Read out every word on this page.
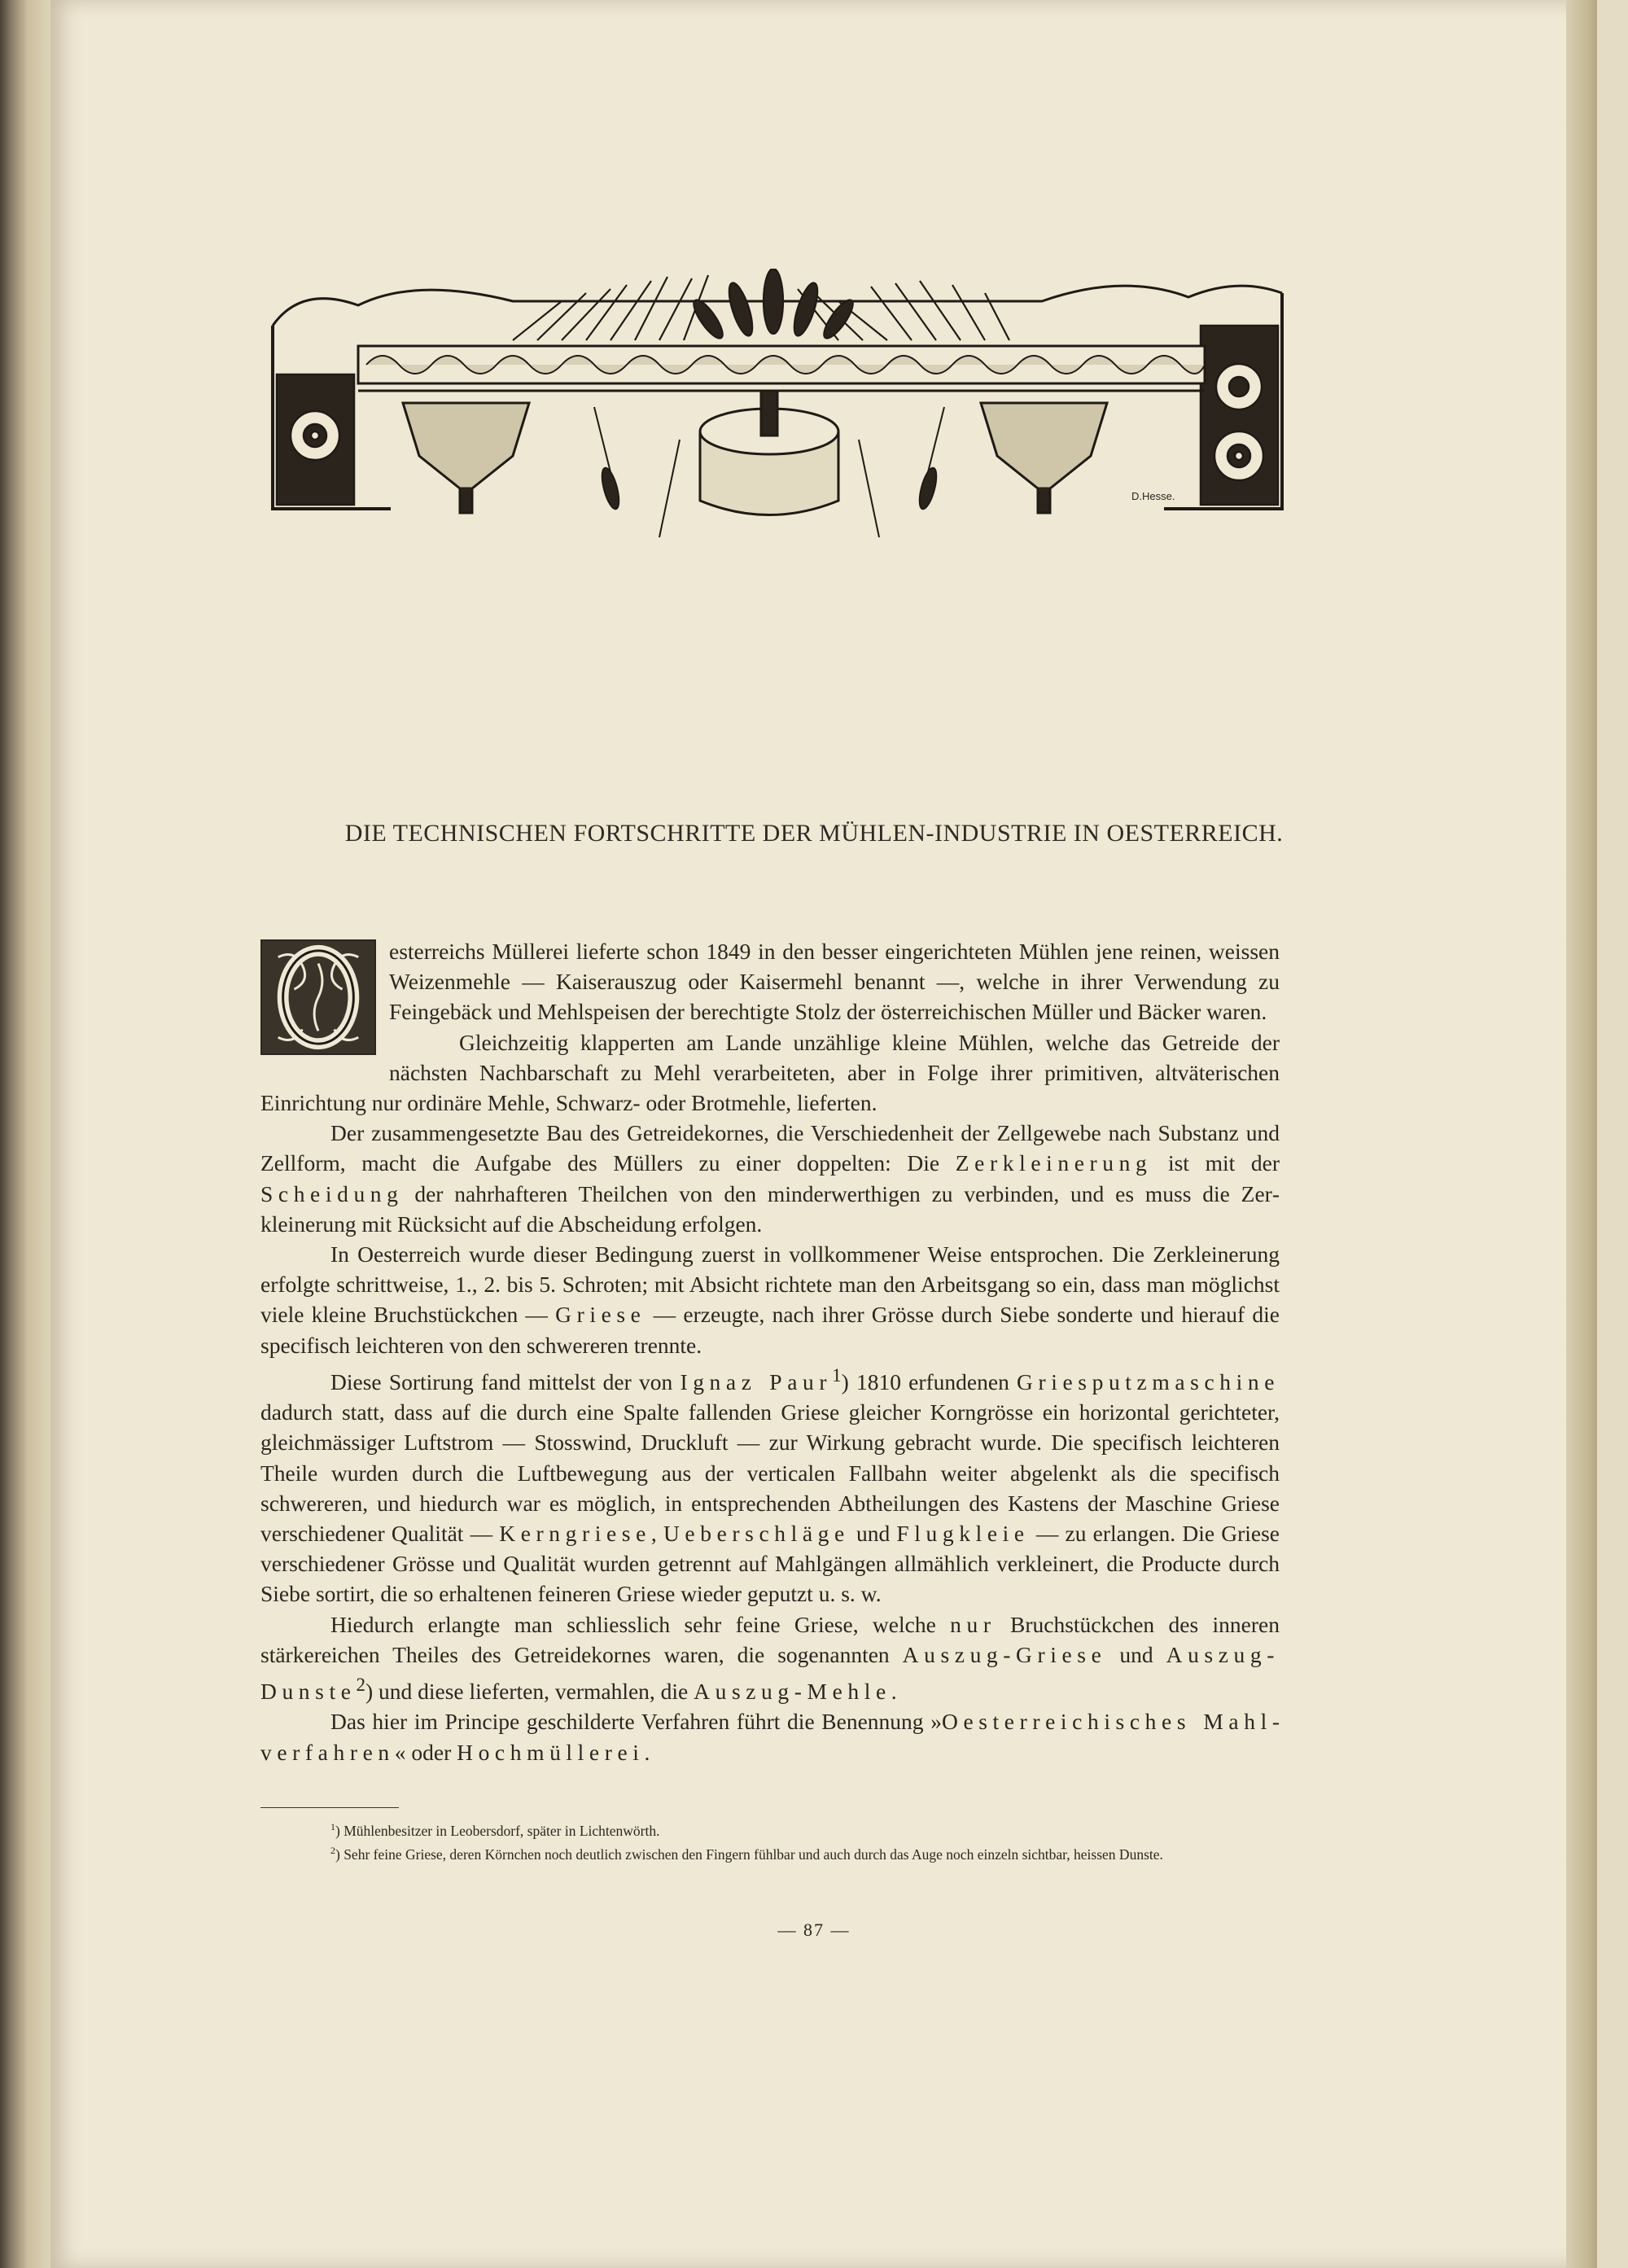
A.W. ph.	D.Hesse.
DIE TECHNISCHEN FORTSCHRITTE DER MÜHLEN-INDUSTRIE IN OESTERREICH.

esterreichs Müllerei lieferte schon 1849 in den besser eingerichteten Mühlen jene reinen, weissen Weizenmehle — Kaiserauszug oder Kaisermehl benannt —, welche in ihrer Verwendung zu Feingebäck und Mehlspeisen der berechtigte Stolz der österreichischen Müller und Bäcker waren.

Gleichzeitig klapperten am Lande unzählige kleine Mühlen, welche das Getreide der nächsten Nachbarschaft zu Mehl verarbeiteten, aber in Folge ihrer primitiven, altväterischen Einrichtung nur ordinäre Mehle, Schwarz- oder Brotmehle, lieferten.

Der zusammengesetzte Bau des Getreidekornes, die Verschiedenheit der Zellgewebe nach Substanz und Zellform, macht die Aufgabe des Müllers zu einer doppelten: Die Zerkleinerung ist mit der Scheidung der nahrhafteren Theilchen von den minderwerthigen zu verbinden, und es muss die Zerkleinerung mit Rücksicht auf die Abscheidung erfolgen.

In Oesterreich wurde dieser Bedingung zuerst in vollkommener Weise entsprochen. Die Zerkleinerung erfolgte schrittweise, 1., 2. bis 5. Schroten; mit Absicht richtete man den Arbeitsgang so ein, dass man möglichst viele kleine Bruchstückchen — Griese — erzeugte, nach ihrer Grösse durch Siebe sonderte und hierauf die specifisch leichteren von den schwereren trennte.

Diese Sortirung fand mittelst der von Ignaz Paur$^1$) 1810 erfundenen Griesputzmaschine dadurch statt, dass auf die durch eine Spalte fallenden Griese gleicher Korngrösse ein horizontal gerichteter, gleichmässiger Luftstrom — Stosswind, Druckluft — zur Wirkung gebracht wurde. Die specifisch leichteren Theile wurden durch die Luftbewegung aus der verticalen Fallbahn weiter abgelenkt als die specifisch schwereren, und hiedurch war es möglich, in entsprechenden Abtheilungen des Kastens der Maschine Griese verschiedener Qualität — Kerngriese, Ueberschläge und Flugkleie — zu erlangen. Die Griese verschiedener Grösse und Qualität wurden getrennt auf Mahlgängen allmählich verkleinert, die Producte durch Siebe sortirt, die so erhaltenen feineren Griese wieder geputzt u. s. w.

Hiedurch erlangte man schliesslich sehr feine Griese, welche nur Bruchstückchen des inneren stärkereichen Theiles des Getreidekornes waren, die sogenannten Auszug-Griese und Auszug-Dunste$^2$) und diese lieferten, vermahlen, die Auszug-Mehle.

Das hier im Principe geschilderte Verfahren führt die Benennung »Oesterreichisches Mahlverfahren« oder Hochmüllerei.

$^1$) Mühlenbesitzer in Leobersdorf, später in Lichtenwörth.

$^2$) Sehr feine Griese, deren Körnchen noch deutlich zwischen den Fingern fühlbar und auch durch das Auge noch einzeln sichtbar, heissen Dunste.

— 87 —
